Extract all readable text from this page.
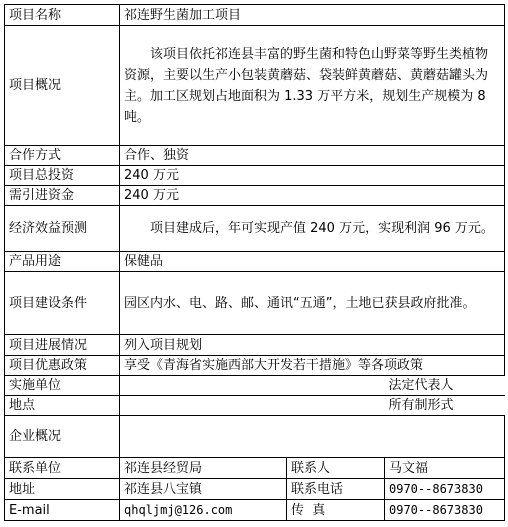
项目名称	祁连野生菌加工项目		
项目概况	该项目依托祁连县丰富的野生菌和特色山野菜等野生类植物资源，主要以生产小包装黄蘑菇、袋装鲜黄蘑菇、黄蘑菇罐头为主。加工区规划占地面积为 1.33 万平方米，规划生产规模为 8 吨。		
合作方式	合作、独资		
项目总投资	240 万元		
需引进资金	240 万元		
经济效益预测	项目建成后，年可实现产值 240 万元，实现利润 96 万元。		
产品用途	保健品		
项目建设条件	园区内水、电、路、邮、通讯“五通”，土地已获县政府批准。		
项目进展情况	列入项目规划		
项目优惠政策	享受《青海省实施西部大开发若干措施》等各项政策		
实施单位			法定代表人
地点			所有制形式
企业概况			
联系单位	祁连县经贸局	联系人	马文福
地址	祁连县八宝镇	联系电话	0970--8673830
E-mail	qhqljmj@126.com	传  真	0970--8673830
